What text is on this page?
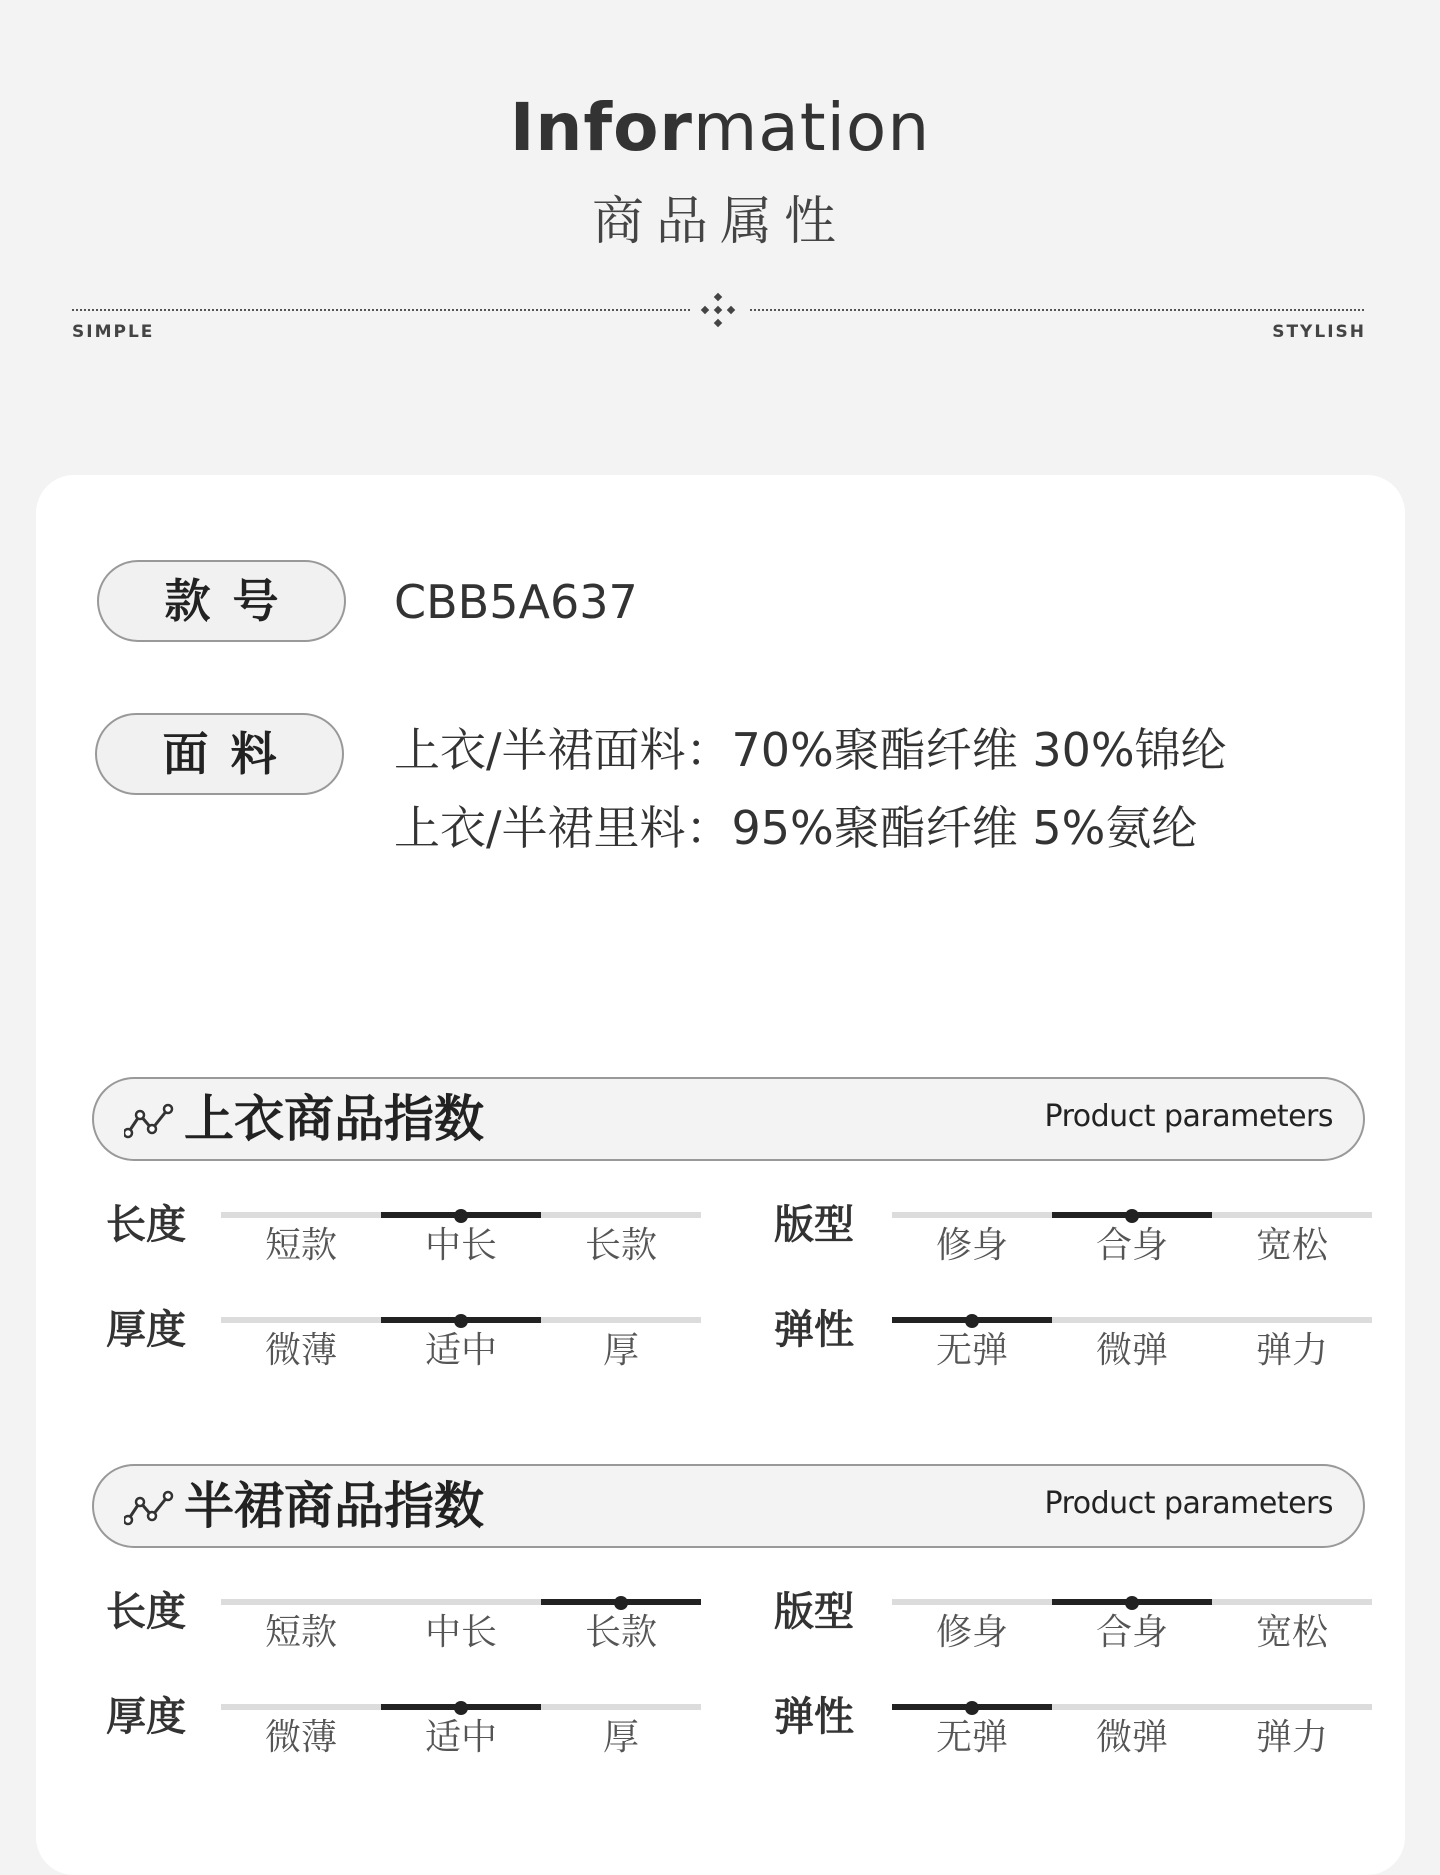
Information
商品属性
SIMPLE	STYLISH
款号	CBB5A637
面料	上衣/半裙面料：70%聚酯纤维 30%锦纶
上衣/半裙里料：95%聚酯纤维 5%氨纶
上衣商品指数	Product parameters
长度	短款	中长	长款	版型	修身	合身	宽松
厚度	微薄	适中	厚	弹性	无弹	微弹	弹力
半裙商品指数	Product parameters
长度	短款	中长	长款	版型	修身	合身	宽松
厚度	微薄	适中	厚	弹性	无弹	微弹	弹力
